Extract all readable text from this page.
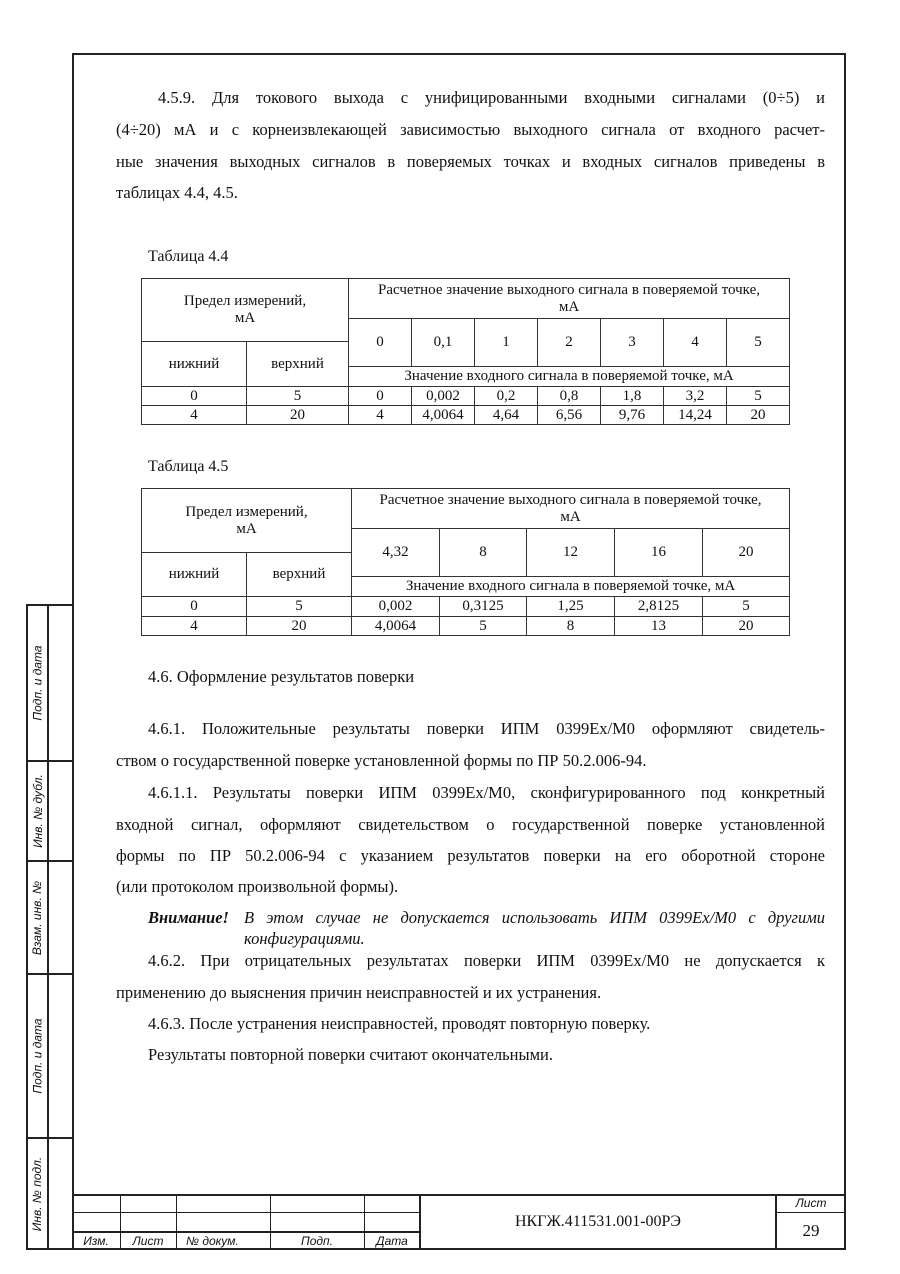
4.5.9. Для токового выхода с унифицированными входными сигналами (0÷5) и
(4÷20) мА и с корнеизвлекающей зависимостью выходного сигнала от входного расчет-
ные значения выходных сигналов в поверяемых точках и входных сигналов приведены в
таблицах 4.4, 4.5.
Таблица 4.4
Предел измерений, мА		Расчетное значение выходного сигнала в поверяемой точке, мА						
		0	0,1	1	2	3	4	5
нижний	верхний							
		Значение входного сигнала в поверяемой точке, мА						
0	5	0	0,002	0,2	0,8	1,8	3,2	5
4	20	4	4,0064	4,64	6,56	9,76	14,24	20
Таблица 4.5
Предел измерений, мА		Расчетное значение выходного сигнала в поверяемой точке, мА				
		4,32	8	12	16	20
нижний	верхний					
		Значение входного сигнала в поверяемой точке, мА				
0	5	0,002	0,3125	1,25	2,8125	5
4	20	4,0064	5	8	13	20
4.6. Оформление результатов поверки
4.6.1. Положительные результаты поверки ИПМ 0399Ex/М0 оформляют свидетель-
ством о государственной поверке установленной формы по ПР 50.2.006-94.
4.6.1.1. Результаты поверки ИПМ 0399Ex/М0, сконфигурированного под конкретный
входной сигнал, оформляют свидетельством о государственной поверке установленной
формы по ПР 50.2.006-94 с указанием результатов поверки на его оборотной стороне
(или протоколом произвольной формы).
Внимание! В этом случае не допускается использовать ИПМ 0399Ex/М0 с другими
конфигурациями.
4.6.2. При отрицательных результатах поверки ИПМ 0399Ex/М0 не допускается к
применению до выяснения причин неисправностей и их устранения.
4.6.3. После устранения неисправностей, проводят повторную поверку.
Результаты повторной поверки считают окончательными.
Подп. и дата
Инв. № дубл.
Взам. инв. №
Подп. и дата
Инв. № подл.
Изм.	Лист	№ докум.	Подп.	Дата
НКГЖ.411531.001-00РЭ
Лист
29
